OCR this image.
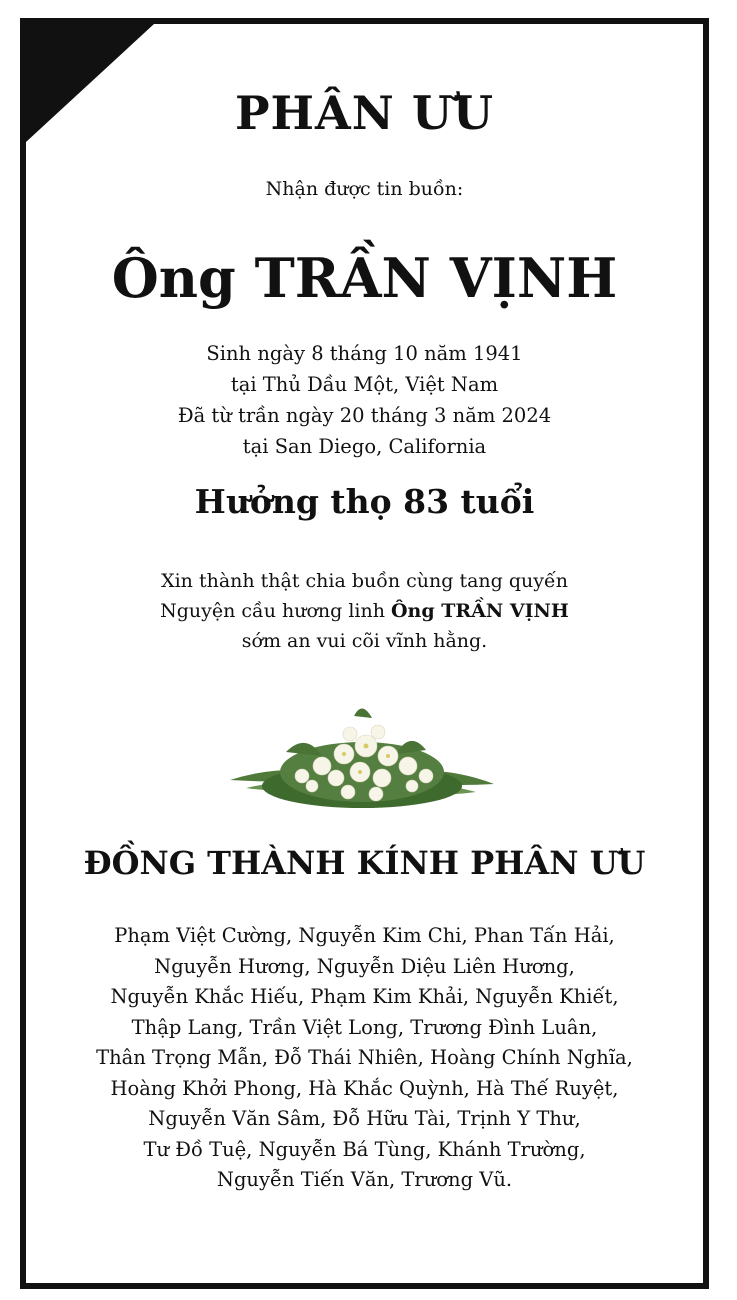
PHÂN ƯU
Nhận được tin buồn:
Ông TRẦN VỊNH
Sinh ngày 8 tháng 10 năm 1941
tại Thủ Dầu Một, Việt Nam
Đã từ trần ngày 20 tháng 3 năm 2024
tại San Diego, California
Hưởng thọ 83 tuổi
Xin thành thật chia buồn cùng tang quyến
Nguyện cầu hương linh Ông TRẦN VỊNH
sớm an vui cõi vĩnh hằng.
ĐỒNG THÀNH KÍNH PHÂN ƯU
Phạm Việt Cường, Nguyễn Kim Chi, Phan Tấn Hải,
Nguyễn Hương, Nguyễn Diệu Liên Hương,
Nguyễn Khắc Hiếu, Phạm Kim Khải, Nguyễn Khiết,
Thập Lang, Trần Việt Long, Trương Đình Luân,
Thân Trọng Mẫn, Đỗ Thái Nhiên, Hoàng Chính Nghĩa,
Hoàng Khởi Phong, Hà Khắc Quỳnh, Hà Thế Ruyệt,
Nguyễn Văn Sâm, Đỗ Hữu Tài, Trịnh Y Thư,
Tư Đồ Tuệ, Nguyễn Bá Tùng, Khánh Trường,
Nguyễn Tiến Văn, Trương Vũ.
